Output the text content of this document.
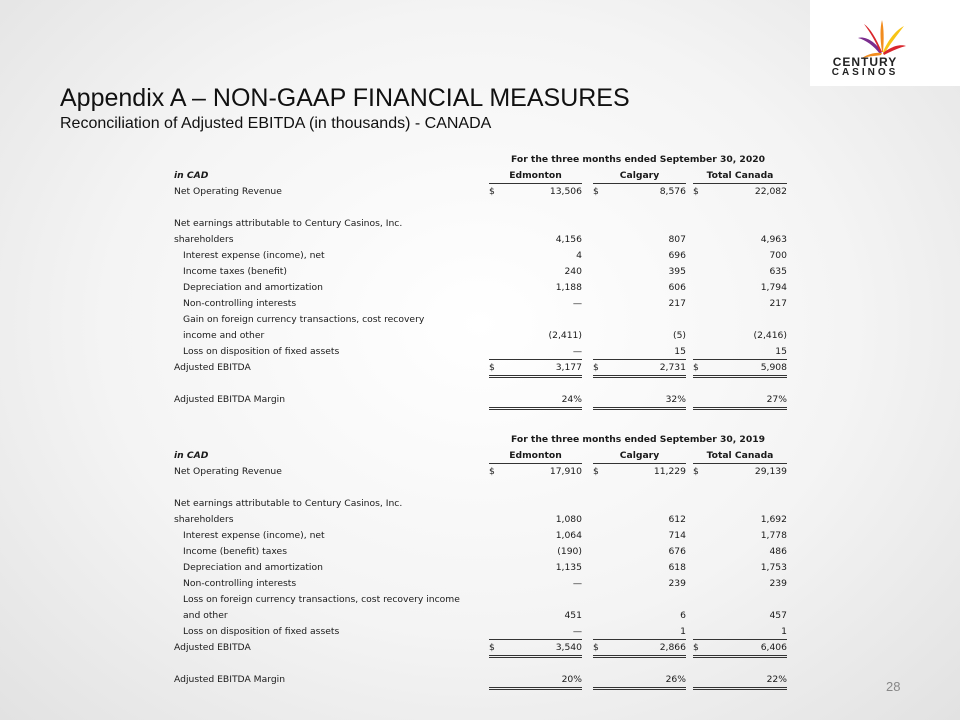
CENTURY
CASINOS
Appendix A – NON-GAAP FINANCIAL MEASURES
Reconciliation of Adjusted EBITDA (in thousands) - CANADA
For the three months ended September 30, 2020
in CAD	Edmonton	Calgary	Total Canada
Net Operating Revenue	$	13,506 $	8,576 $	22,082
Net earnings attributable to Century Casinos, Inc.
shareholders	4,156	807	4,963
Interest expense (income), net	4	696	700
Income taxes (benefit)	240	395	635
Depreciation and amortization	1,188	606	1,794
Non-controlling interests	—	217	217
Gain on foreign currency transactions, cost recovery
income and other	(2,411)	(5)	(2,416)
Loss on disposition of fixed assets	—	15	15
Adjusted EBITDA	$	3,177 $	2,731 $	5,908
Adjusted EBITDA Margin	24%	32%	27%
For the three months ended September 30, 2019
in CAD	Edmonton	Calgary	Total Canada
Net Operating Revenue	$	17,910 $	11,229 $	29,139
Net earnings attributable to Century Casinos, Inc.
shareholders	1,080	612	1,692
Interest expense (income), net	1,064	714	1,778
Income (benefit) taxes	(190)	676	486
Depreciation and amortization	1,135	618	1,753
Non-controlling interests	—	239	239
Loss on foreign currency transactions, cost recovery income
and other	451	6	457
Loss on disposition of fixed assets	—	1	1
Adjusted EBITDA	$	3,540 $	2,866 $	6,406
Adjusted EBITDA Margin	20%	26%	22%	28
